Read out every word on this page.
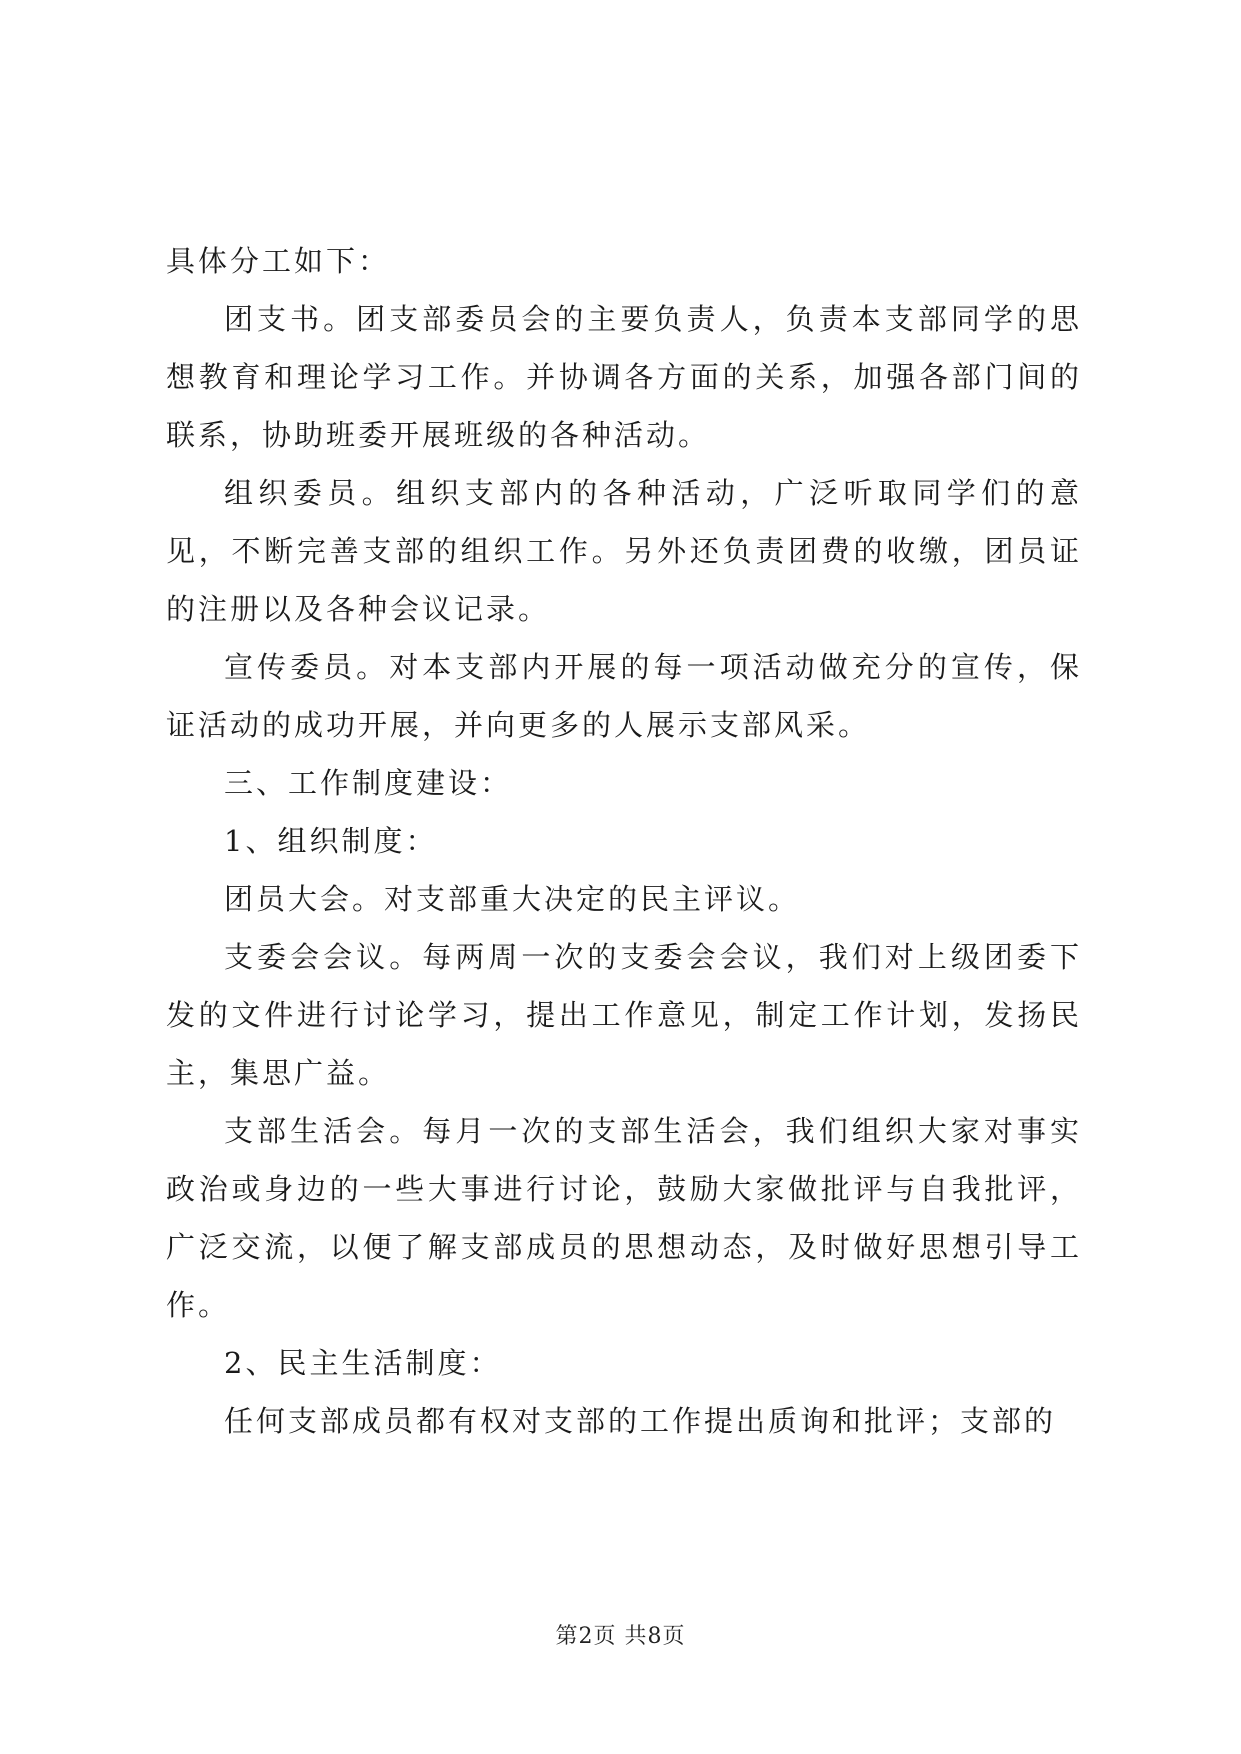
具体分工如下：

团支书。团支部委员会的主要负责人，负责本支部同学的思想教育和理论学习工作。并协调各方面的关系，加强各部门间的联系，协助班委开展班级的各种活动。

组织委员。组织支部内的各种活动，广泛听取同学们的意见，不断完善支部的组织工作。另外还负责团费的收缴，团员证的注册以及各种会议记录。

宣传委员。对本支部内开展的每一项活动做充分的宣传，保证活动的成功开展，并向更多的人展示支部风采。

三、工作制度建设：

1、组织制度：

团员大会。对支部重大决定的民主评议。

支委会会议。每两周一次的支委会会议，我们对上级团委下发的文件进行讨论学习，提出工作意见，制定工作计划，发扬民主，集思广益。

支部生活会。每月一次的支部生活会，我们组织大家对事实政治或身边的一些大事进行讨论，鼓励大家做批评与自我批评，广泛交流，以便了解支部成员的思想动态，及时做好思想引导工作。

2、民主生活制度：

任何支部成员都有权对支部的工作提出质询和批评；支部的

第2页 共8页
